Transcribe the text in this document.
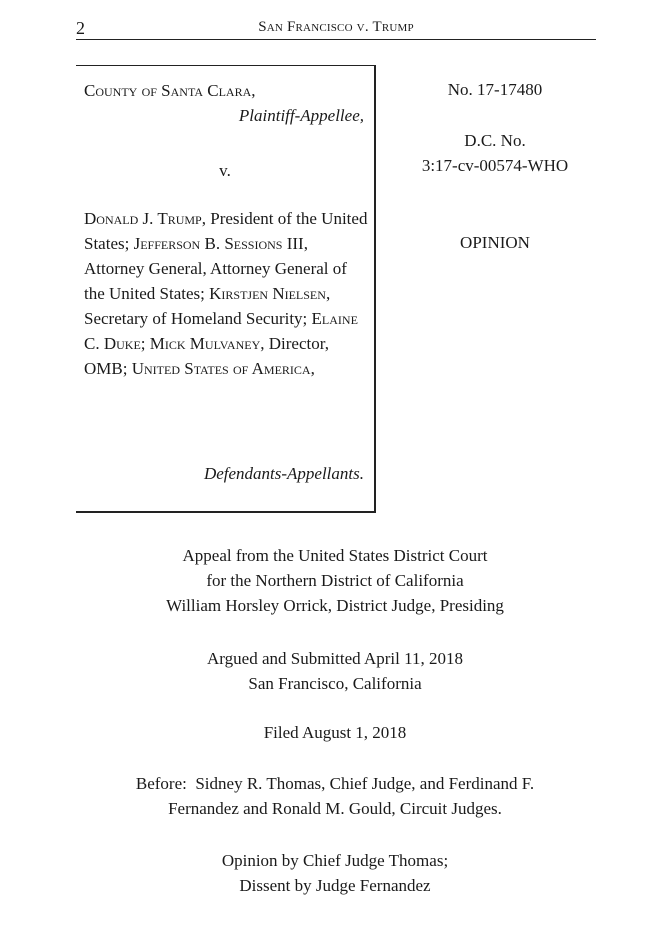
2	San Francisco v. Trump
County of Santa Clara,
Plaintiff-Appellee,
v.
Donald J. Trump, President of the United States; Jefferson B. Sessions III, Attorney General, Attorney General of the United States; Kirstjen Nielsen, Secretary of Homeland Security; Elaine C. Duke; Mick Mulvaney, Director, OMB; United States of America,
Defendants-Appellants.
No. 17-17480
D.C. No.
3:17-cv-00574-WHO
OPINION
Appeal from the United States District Court
for the Northern District of California
William Horsley Orrick, District Judge, Presiding
Argued and Submitted April 11, 2018
San Francisco, California
Filed August 1, 2018
Before:  Sidney R. Thomas, Chief Judge, and Ferdinand F.
Fernandez and Ronald M. Gould, Circuit Judges.
Opinion by Chief Judge Thomas;
Dissent by Judge Fernandez
